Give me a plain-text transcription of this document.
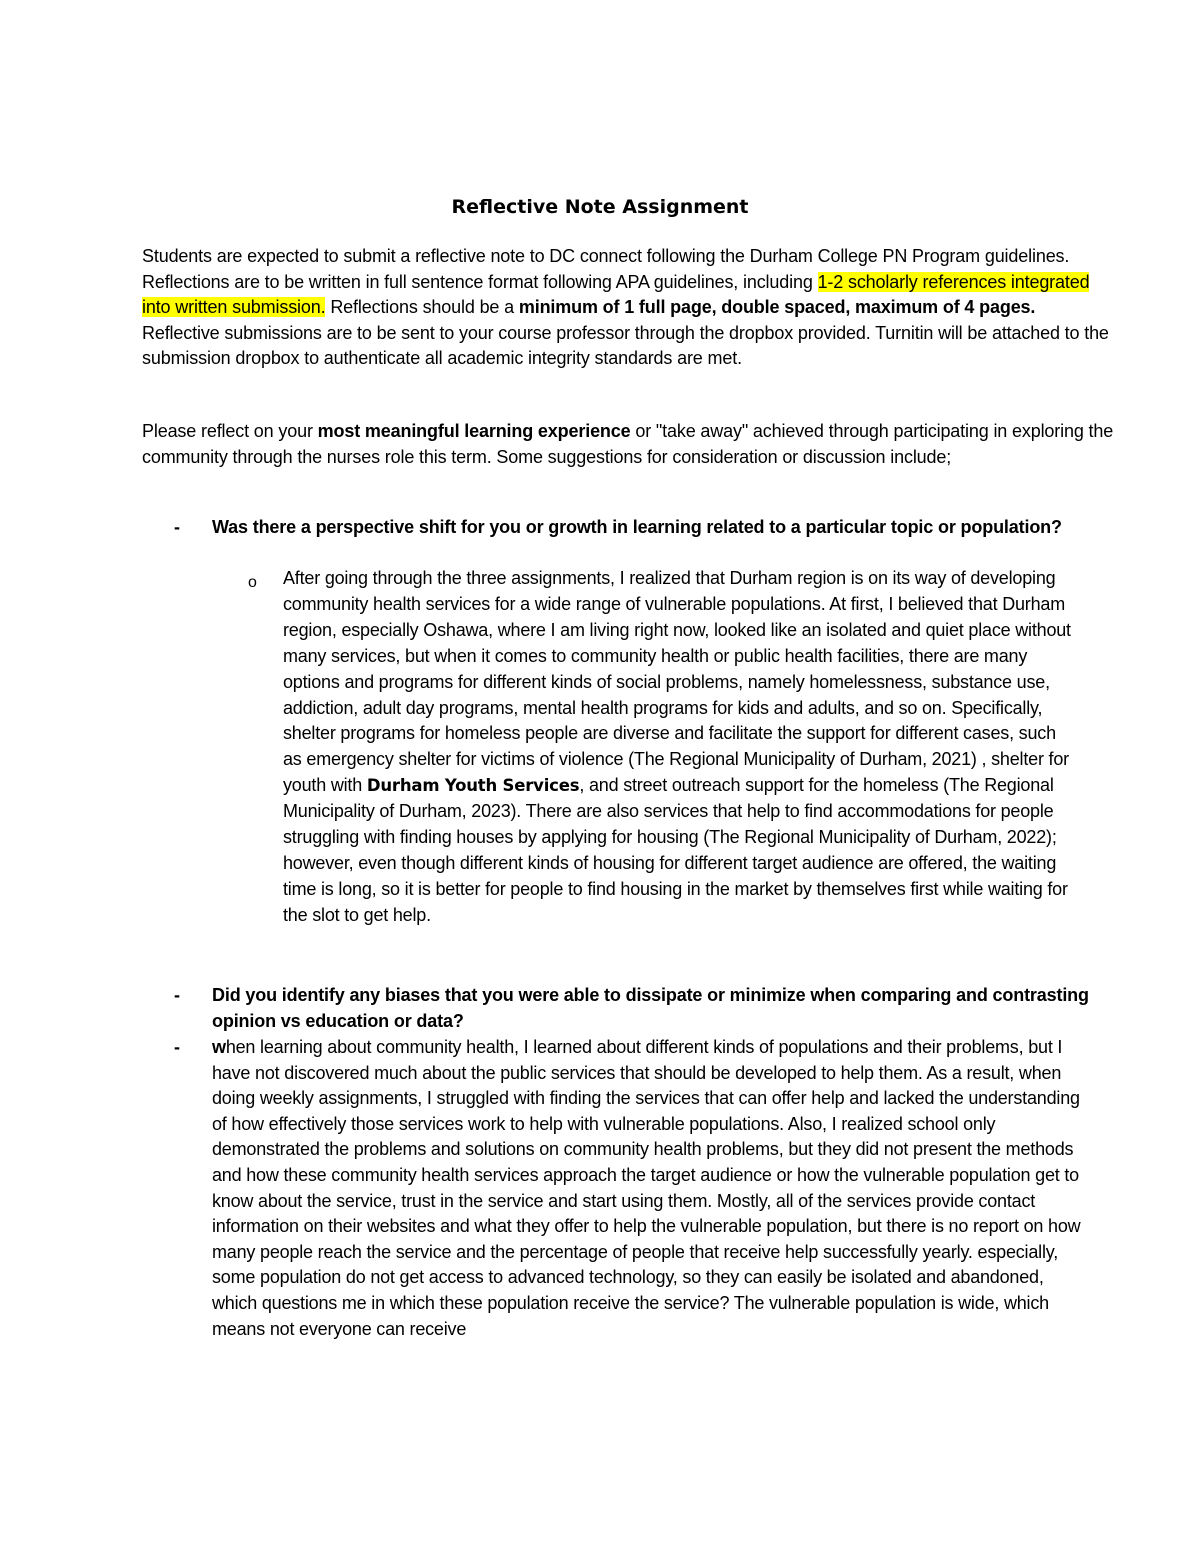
Reflective Note Assignment
Students are expected to submit a reflective note to DC connect following the Durham College PN Program guidelines. Reflections are to be written in full sentence format following APA guidelines, including 1-2 scholarly references integrated into written submission. Reflections should be a minimum of 1 full page, double spaced, maximum of 4 pages. Reflective submissions are to be sent to your course professor through the dropbox provided. Turnitin will be attached to the submission dropbox to authenticate all academic integrity standards are met.
Please reflect on your most meaningful learning experience or "take away" achieved through participating in exploring the community through the nurses role this term. Some suggestions for consideration or discussion include;
- Was there a perspective shift for you or growth in learning related to a particular topic or population?
o After going through the three assignments, I realized that Durham region is on its way of developing community health services for a wide range of vulnerable populations. At first, I believed that Durham region, especially Oshawa, where I am living right now, looked like an isolated and quiet place without many services, but when it comes to community health or public health facilities, there are many options and programs for different kinds of social problems, namely homelessness, substance use, addiction, adult day programs, mental health programs for kids and adults, and so on. Specifically, shelter programs for homeless people are diverse and facilitate the support for different cases, such as emergency shelter for victims of violence (The Regional Municipality of Durham, 2021) , shelter for youth with Durham Youth Services, and street outreach support for the homeless (The Regional Municipality of Durham, 2023). There are also services that help to find accommodations for people struggling with finding houses by applying for housing (The Regional Municipality of Durham, 2022); however, even though different kinds of housing for different target audience are offered, the waiting time is long, so it is better for people to find housing in the market by themselves first while waiting for the slot to get help.
- Did you identify any biases that you were able to dissipate or minimize when comparing and contrasting opinion vs education or data?
- when learning about community health, I learned about different kinds of populations and their problems, but I have not discovered much about the public services that should be developed to help them. As a result, when doing weekly assignments, I struggled with finding the services that can offer help and lacked the understanding of how effectively those services work to help with vulnerable populations. Also, I realized school only demonstrated the problems and solutions on community health problems, but they did not present the methods and how these community health services approach the target audience or how the vulnerable population get to know about the service, trust in the service and start using them. Mostly, all of the services provide contact information on their websites and what they offer to help the vulnerable population, but there is no report on how many people reach the service and the percentage of people that receive help successfully yearly. especially, some population do not get access to advanced technology, so they can easily be isolated and abandoned, which questions me in which these population receive the service? The vulnerable population is wide, which means not everyone can receive
